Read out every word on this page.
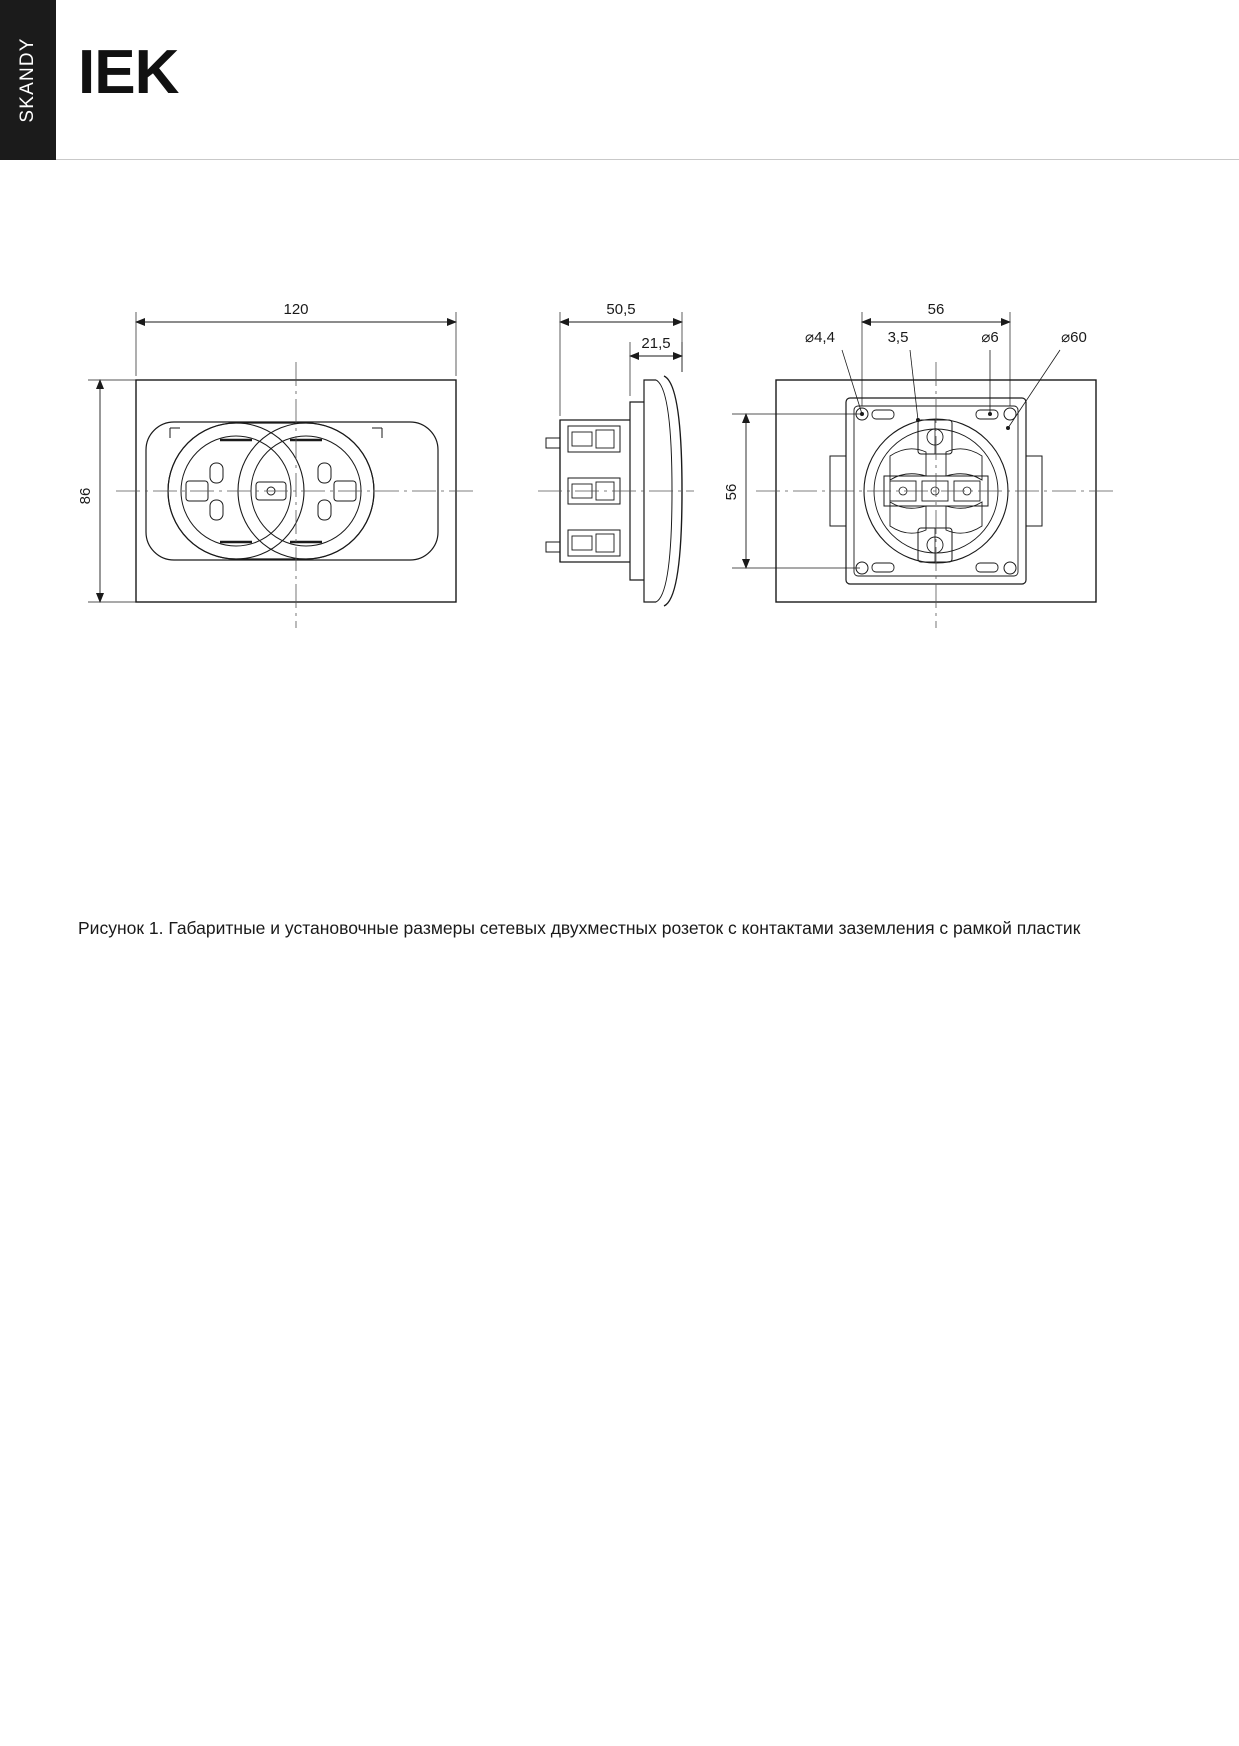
SKANDY IEK
120
86
50,5
21,5
56
56
⌀4,4	3,5	⌀6	⌀60
Рисунок 1. Габаритные и установочные размеры сетевых двухместных розеток с контактами заземления с рамкой пластик
